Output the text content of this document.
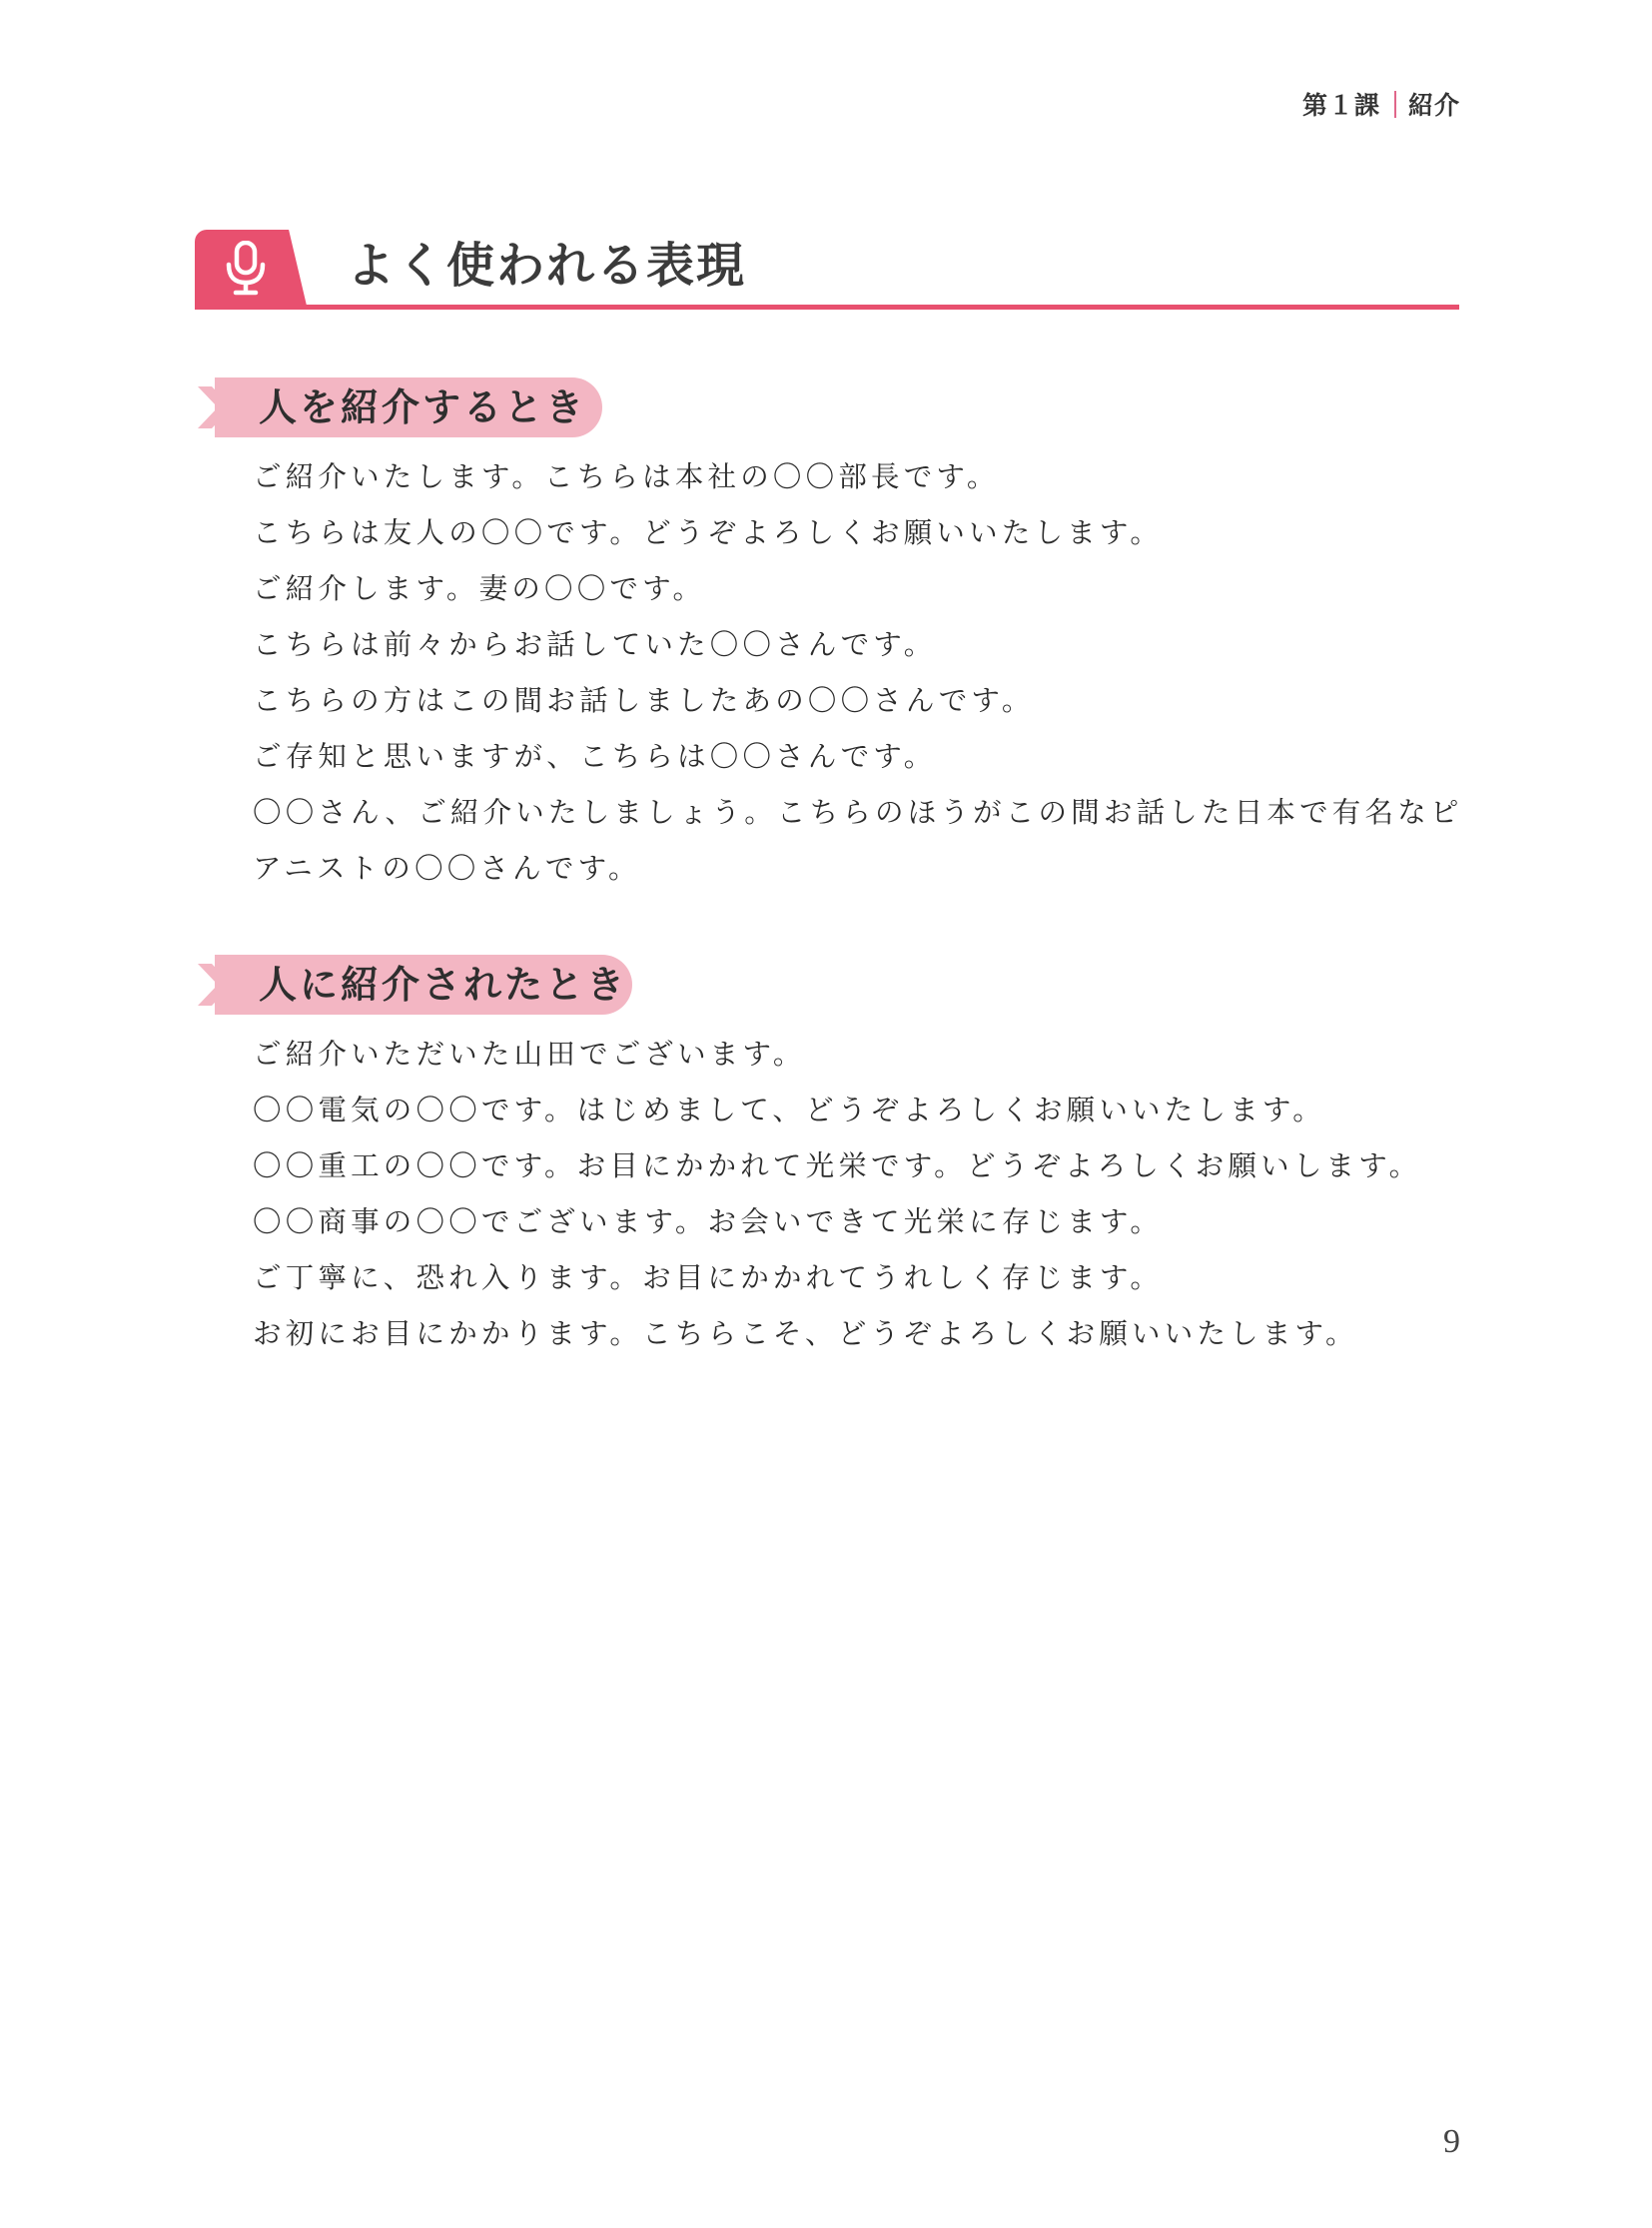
第１課 紹介
よく使われる表現
人を紹介するとき
ご紹介いたします。こちらは本社の〇〇部長です。
こちらは友人の〇〇です。どうぞよろしくお願いいたします。
ご紹介します。妻の〇〇です。
こちらは前々からお話していた〇〇さんです。
こちらの方はこの間お話しましたあの〇〇さんです。
ご存知と思いますが、こちらは〇〇さんです。
〇〇さん、ご紹介いたしましょう。こちらのほうがこの間お話した日本で有名なピアニストの〇〇さんです。
人に紹介されたとき
ご紹介いただいた山田でございます。
〇〇電気の〇〇です。はじめまして、どうぞよろしくお願いいたします。
〇〇重工の〇〇です。お目にかかれて光栄です。どうぞよろしくお願いします。
〇〇商事の〇〇でございます。お会いできて光栄に存じます。
ご丁寧に、恐れ入ります。お目にかかれてうれしく存じます。
お初にお目にかかります。こちらこそ、どうぞよろしくお願いいたします。
9
